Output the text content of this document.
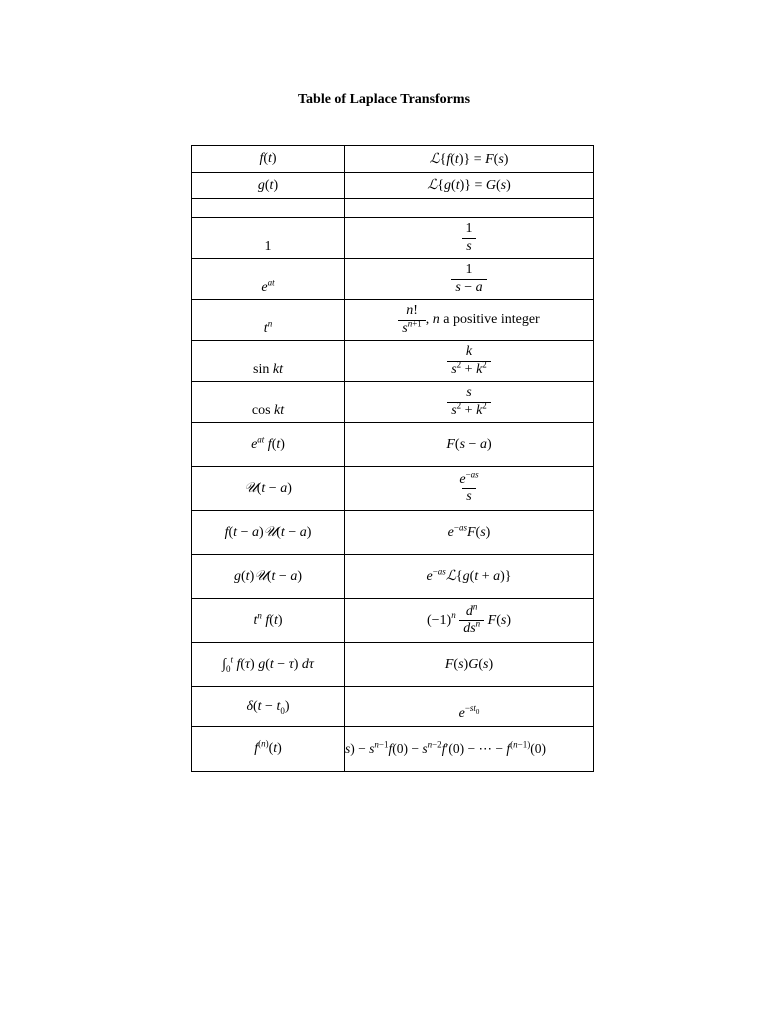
Table of Laplace Transforms
f(t)	ℒ{f(t)} = F(s)
g(t)	ℒ{g(t)} = G(s)

1	$\frac{1}{s}$

$e^{at}$	$\frac{1}{s - a}$

$t^n$	$\frac{n!}{s^{n+1}}$ , n a positive integer
sin kt	$\frac{k}{s^2 + k^2}$

cos kt	$\frac{s}{s^2 + k^2}$

$e^{at}$ f(t)	F(s − a)
𝒰(t − a)	$\frac{e^{-as}}{s}$

f(t − a)𝒰(t − a)	$e^{-as}F(s)$
g(t)𝒰(t − a)	$e^{-as}ℒ\{g(t + a)\}$
$t^n$ f(t)	$(-1)^n \frac{d^n}{ds^n} F(s)$
$\int_0^t$ f(τ) g(t − τ) dτ	F(s)G(s)
$\delta(t - t_0)$	$e^{-st_0}$
$f^{(n)}(t)$	$s) - s^{n-1}f(0) - s^{n-2}f'(0)$ − ⋯ − $f^{(n-1)}(0)$
